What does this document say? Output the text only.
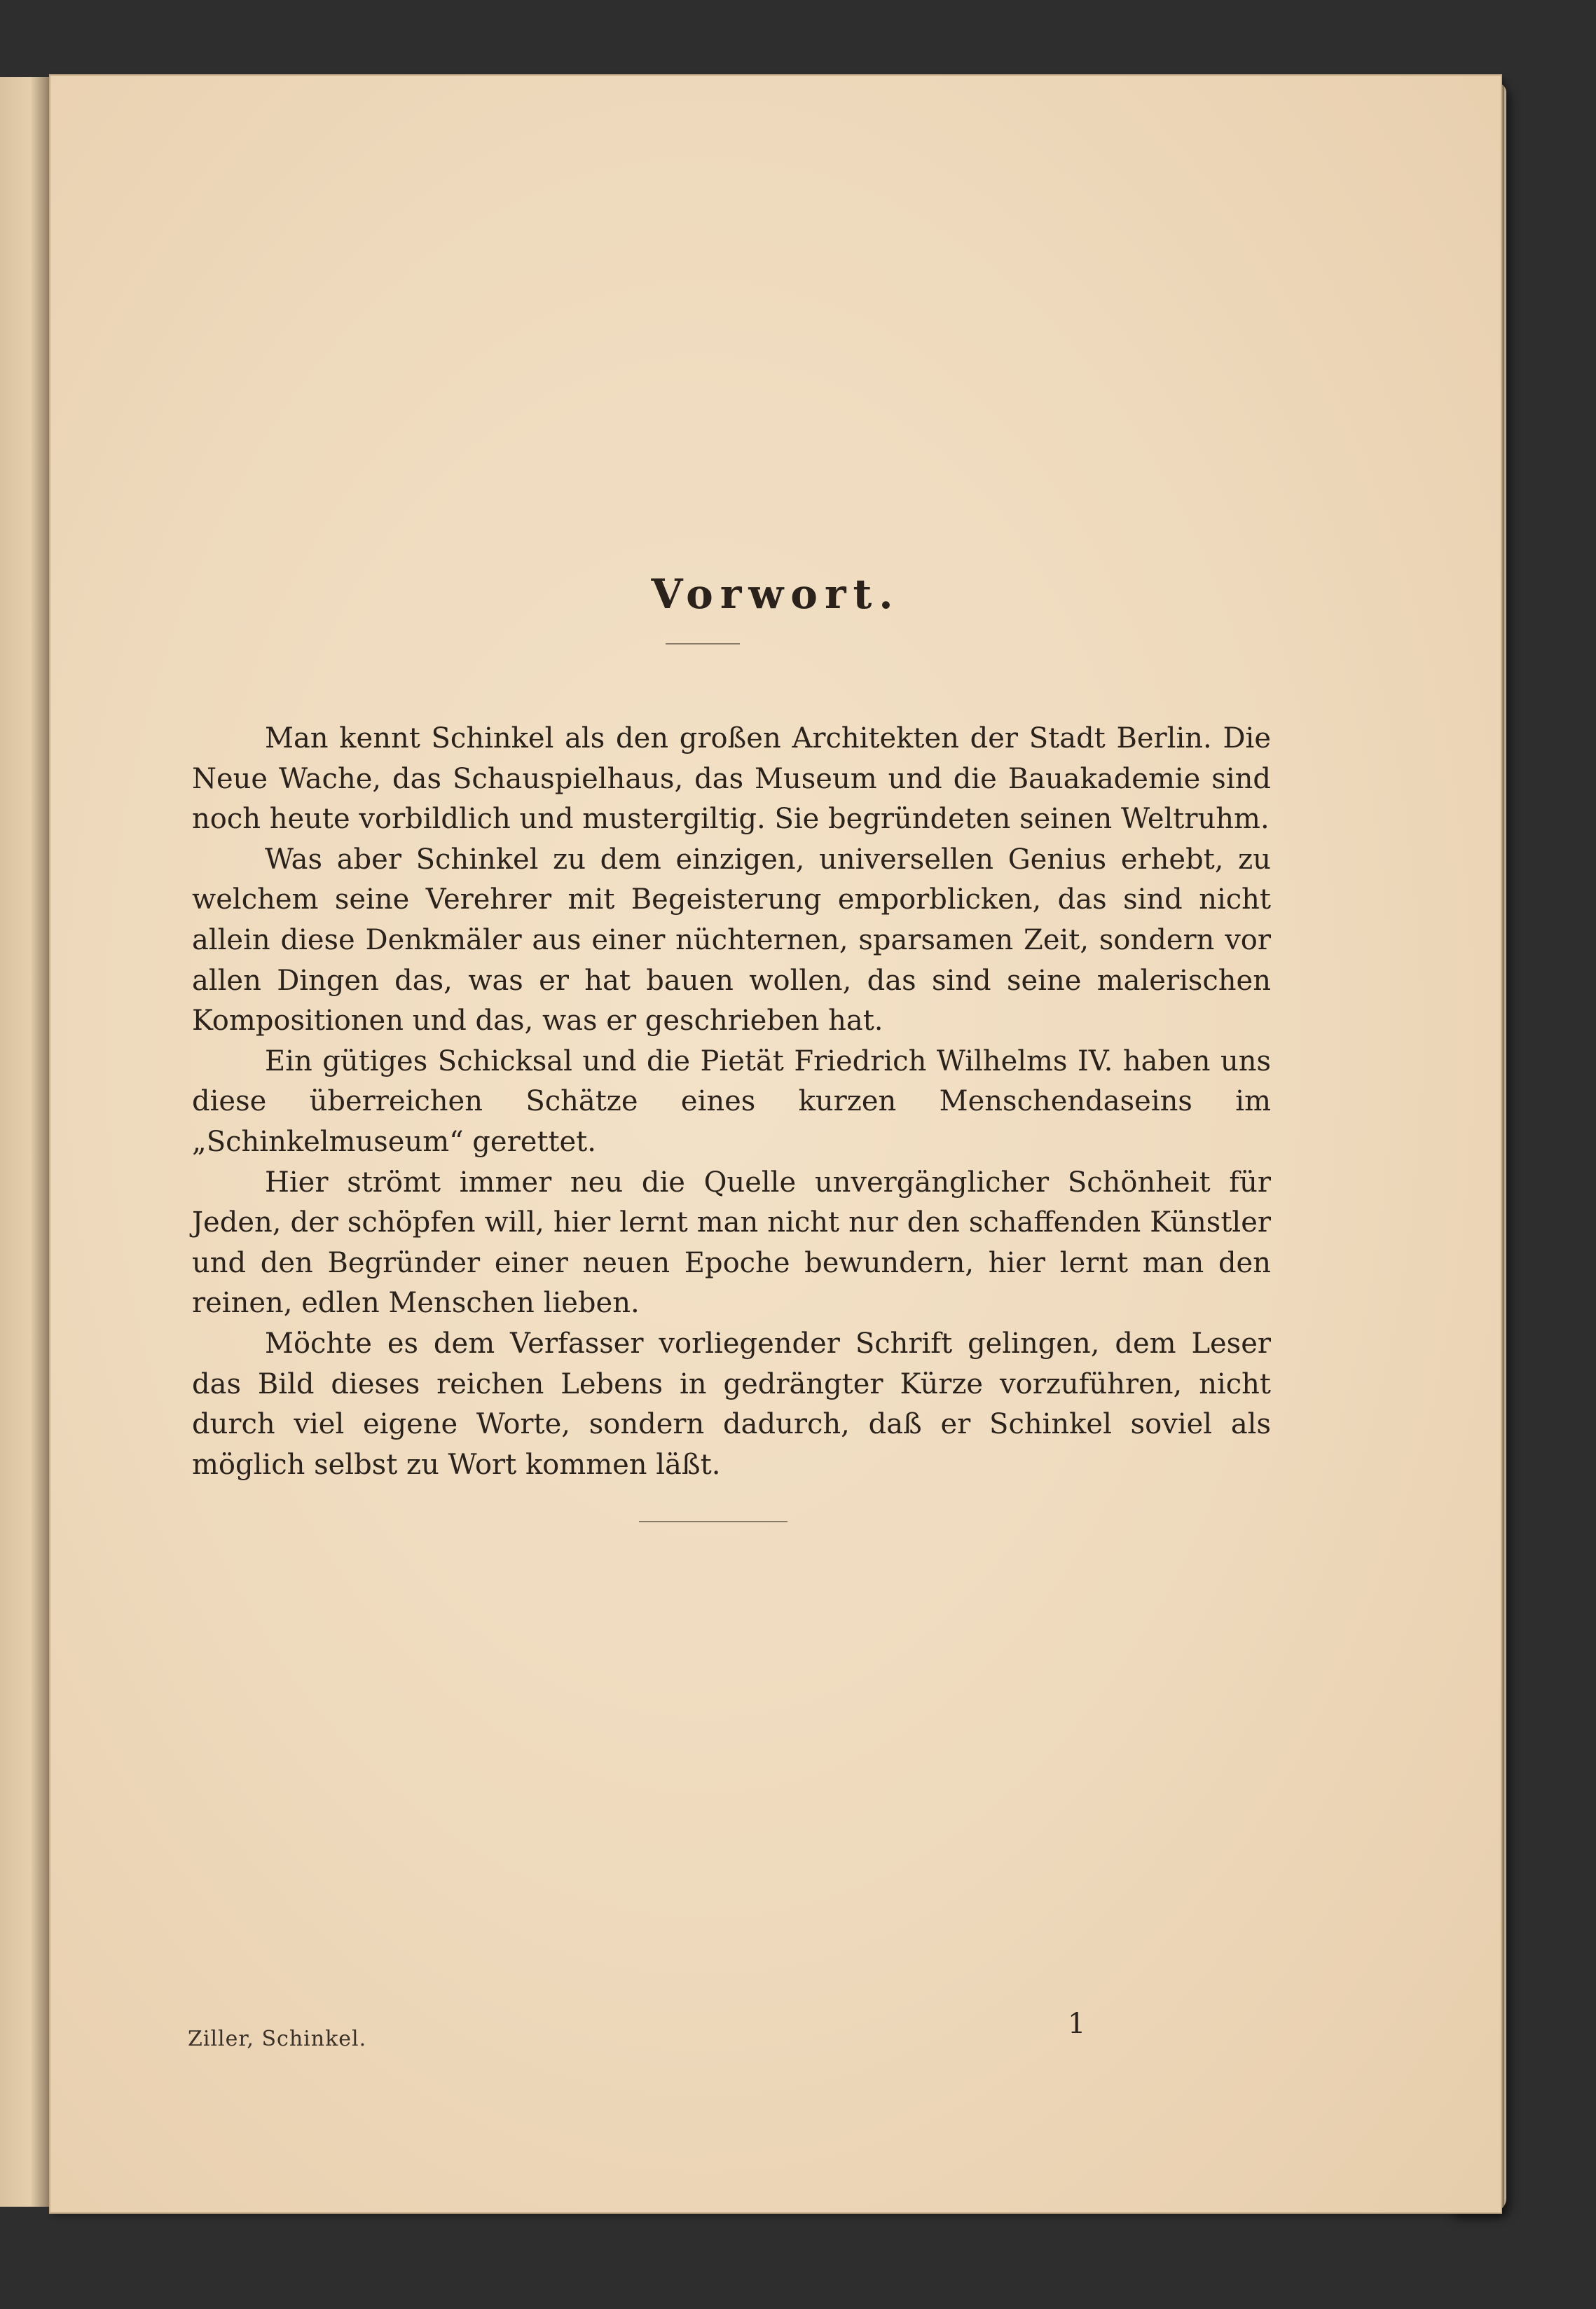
Vorwort.

Man kennt Schinkel als den großen Architekten der Stadt Berlin. Die Neue Wache, das Schauspielhaus, das Museum und die Bauakademie sind noch heute vorbildlich und mustergiltig. Sie begründeten seinen Weltruhm.

Was aber Schinkel zu dem einzigen, universellen Genius erhebt, zu welchem seine Verehrer mit Begeisterung emporblicken, das sind nicht allein diese Denkmäler aus einer nüchternen, sparsamen Zeit, sondern vor allen Dingen das, was er hat bauen wollen, das sind seine malerischen Kompositionen und das, was er geschrieben hat.

Ein gütiges Schicksal und die Pietät Friedrich Wilhelms IV. haben uns diese überreichen Schätze eines kurzen Menschendaseins im „Schinkelmuseum“ gerettet.

Hier strömt immer neu die Quelle unvergänglicher Schönheit für Jeden, der schöpfen will, hier lernt man nicht nur den schaffenden Künstler und den Begründer einer neuen Epoche bewundern, hier lernt man den reinen, edlen Menschen lieben.

Möchte es dem Verfasser vorliegender Schrift gelingen, dem Leser das Bild dieses reichen Lebens in gedrängter Kürze vorzuführen, nicht durch viel eigene Worte, sondern dadurch, daß er Schinkel soviel als möglich selbst zu Wort kommen läßt.

Ziller, Schinkel.	1
